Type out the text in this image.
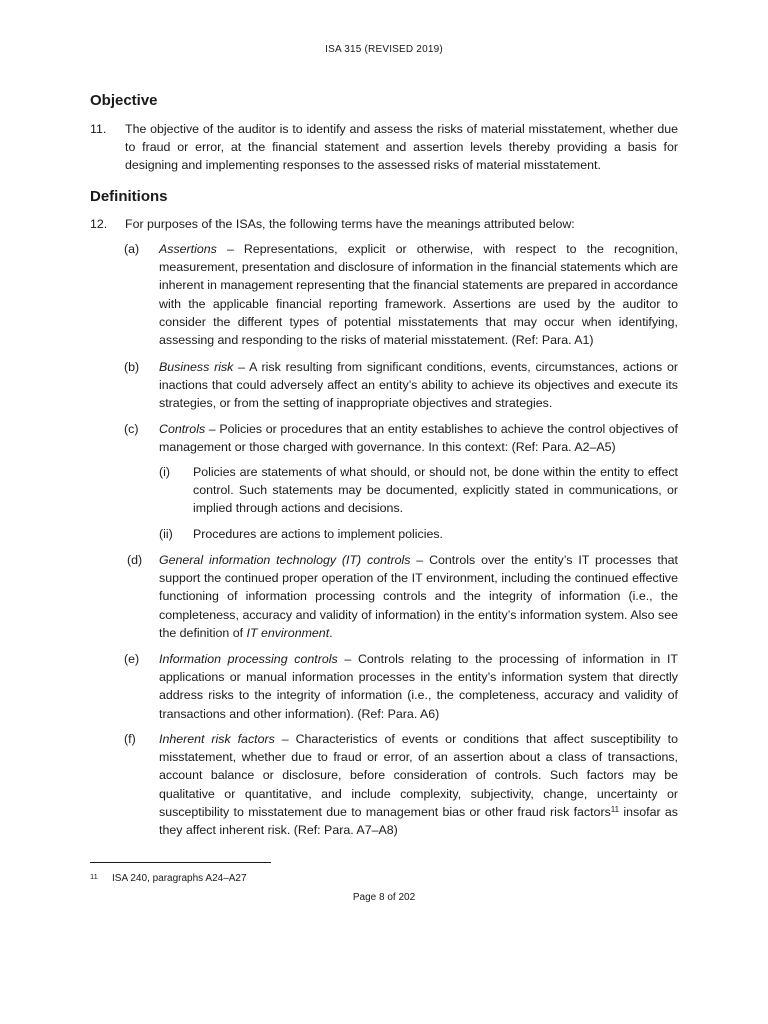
ISA 315 (REVISED 2019)
Objective
11. The objective of the auditor is to identify and assess the risks of material misstatement, whether due to fraud or error, at the financial statement and assertion levels thereby providing a basis for designing and implementing responses to the assessed risks of material misstatement.
Definitions
12. For purposes of the ISAs, the following terms have the meanings attributed below:
(a) Assertions – Representations, explicit or otherwise, with respect to the recognition, measurement, presentation and disclosure of information in the financial statements which are inherent in management representing that the financial statements are prepared in accordance with the applicable financial reporting framework. Assertions are used by the auditor to consider the different types of potential misstatements that may occur when identifying, assessing and responding to the risks of material misstatement. (Ref: Para. A1)
(b) Business risk – A risk resulting from significant conditions, events, circumstances, actions or inactions that could adversely affect an entity’s ability to achieve its objectives and execute its strategies, or from the setting of inappropriate objectives and strategies.
(c) Controls – Policies or procedures that an entity establishes to achieve the control objectives of management or those charged with governance. In this context: (Ref: Para. A2–A5)
(i) Policies are statements of what should, or should not, be done within the entity to effect control. Such statements may be documented, explicitly stated in communications, or implied through actions and decisions.
(ii) Procedures are actions to implement policies.
(d) General information technology (IT) controls – Controls over the entity’s IT processes that support the continued proper operation of the IT environment, including the continued effective functioning of information processing controls and the integrity of information (i.e., the completeness, accuracy and validity of information) in the entity’s information system. Also see the definition of IT environment.
(e) Information processing controls – Controls relating to the processing of information in IT applications or manual information processes in the entity’s information system that directly address risks to the integrity of information (i.e., the completeness, accuracy and validity of transactions and other information). (Ref: Para. A6)
(f) Inherent risk factors – Characteristics of events or conditions that affect susceptibility to misstatement, whether due to fraud or error, of an assertion about a class of transactions, account balance or disclosure, before consideration of controls. Such factors may be qualitative or quantitative, and include complexity, subjectivity, change, uncertainty or susceptibility to misstatement due to management bias or other fraud risk factors$^{11}$ insofar as they affect inherent risk. (Ref: Para. A7–A8)
11 ISA 240, paragraphs A24–A27
Page 8 of 202
